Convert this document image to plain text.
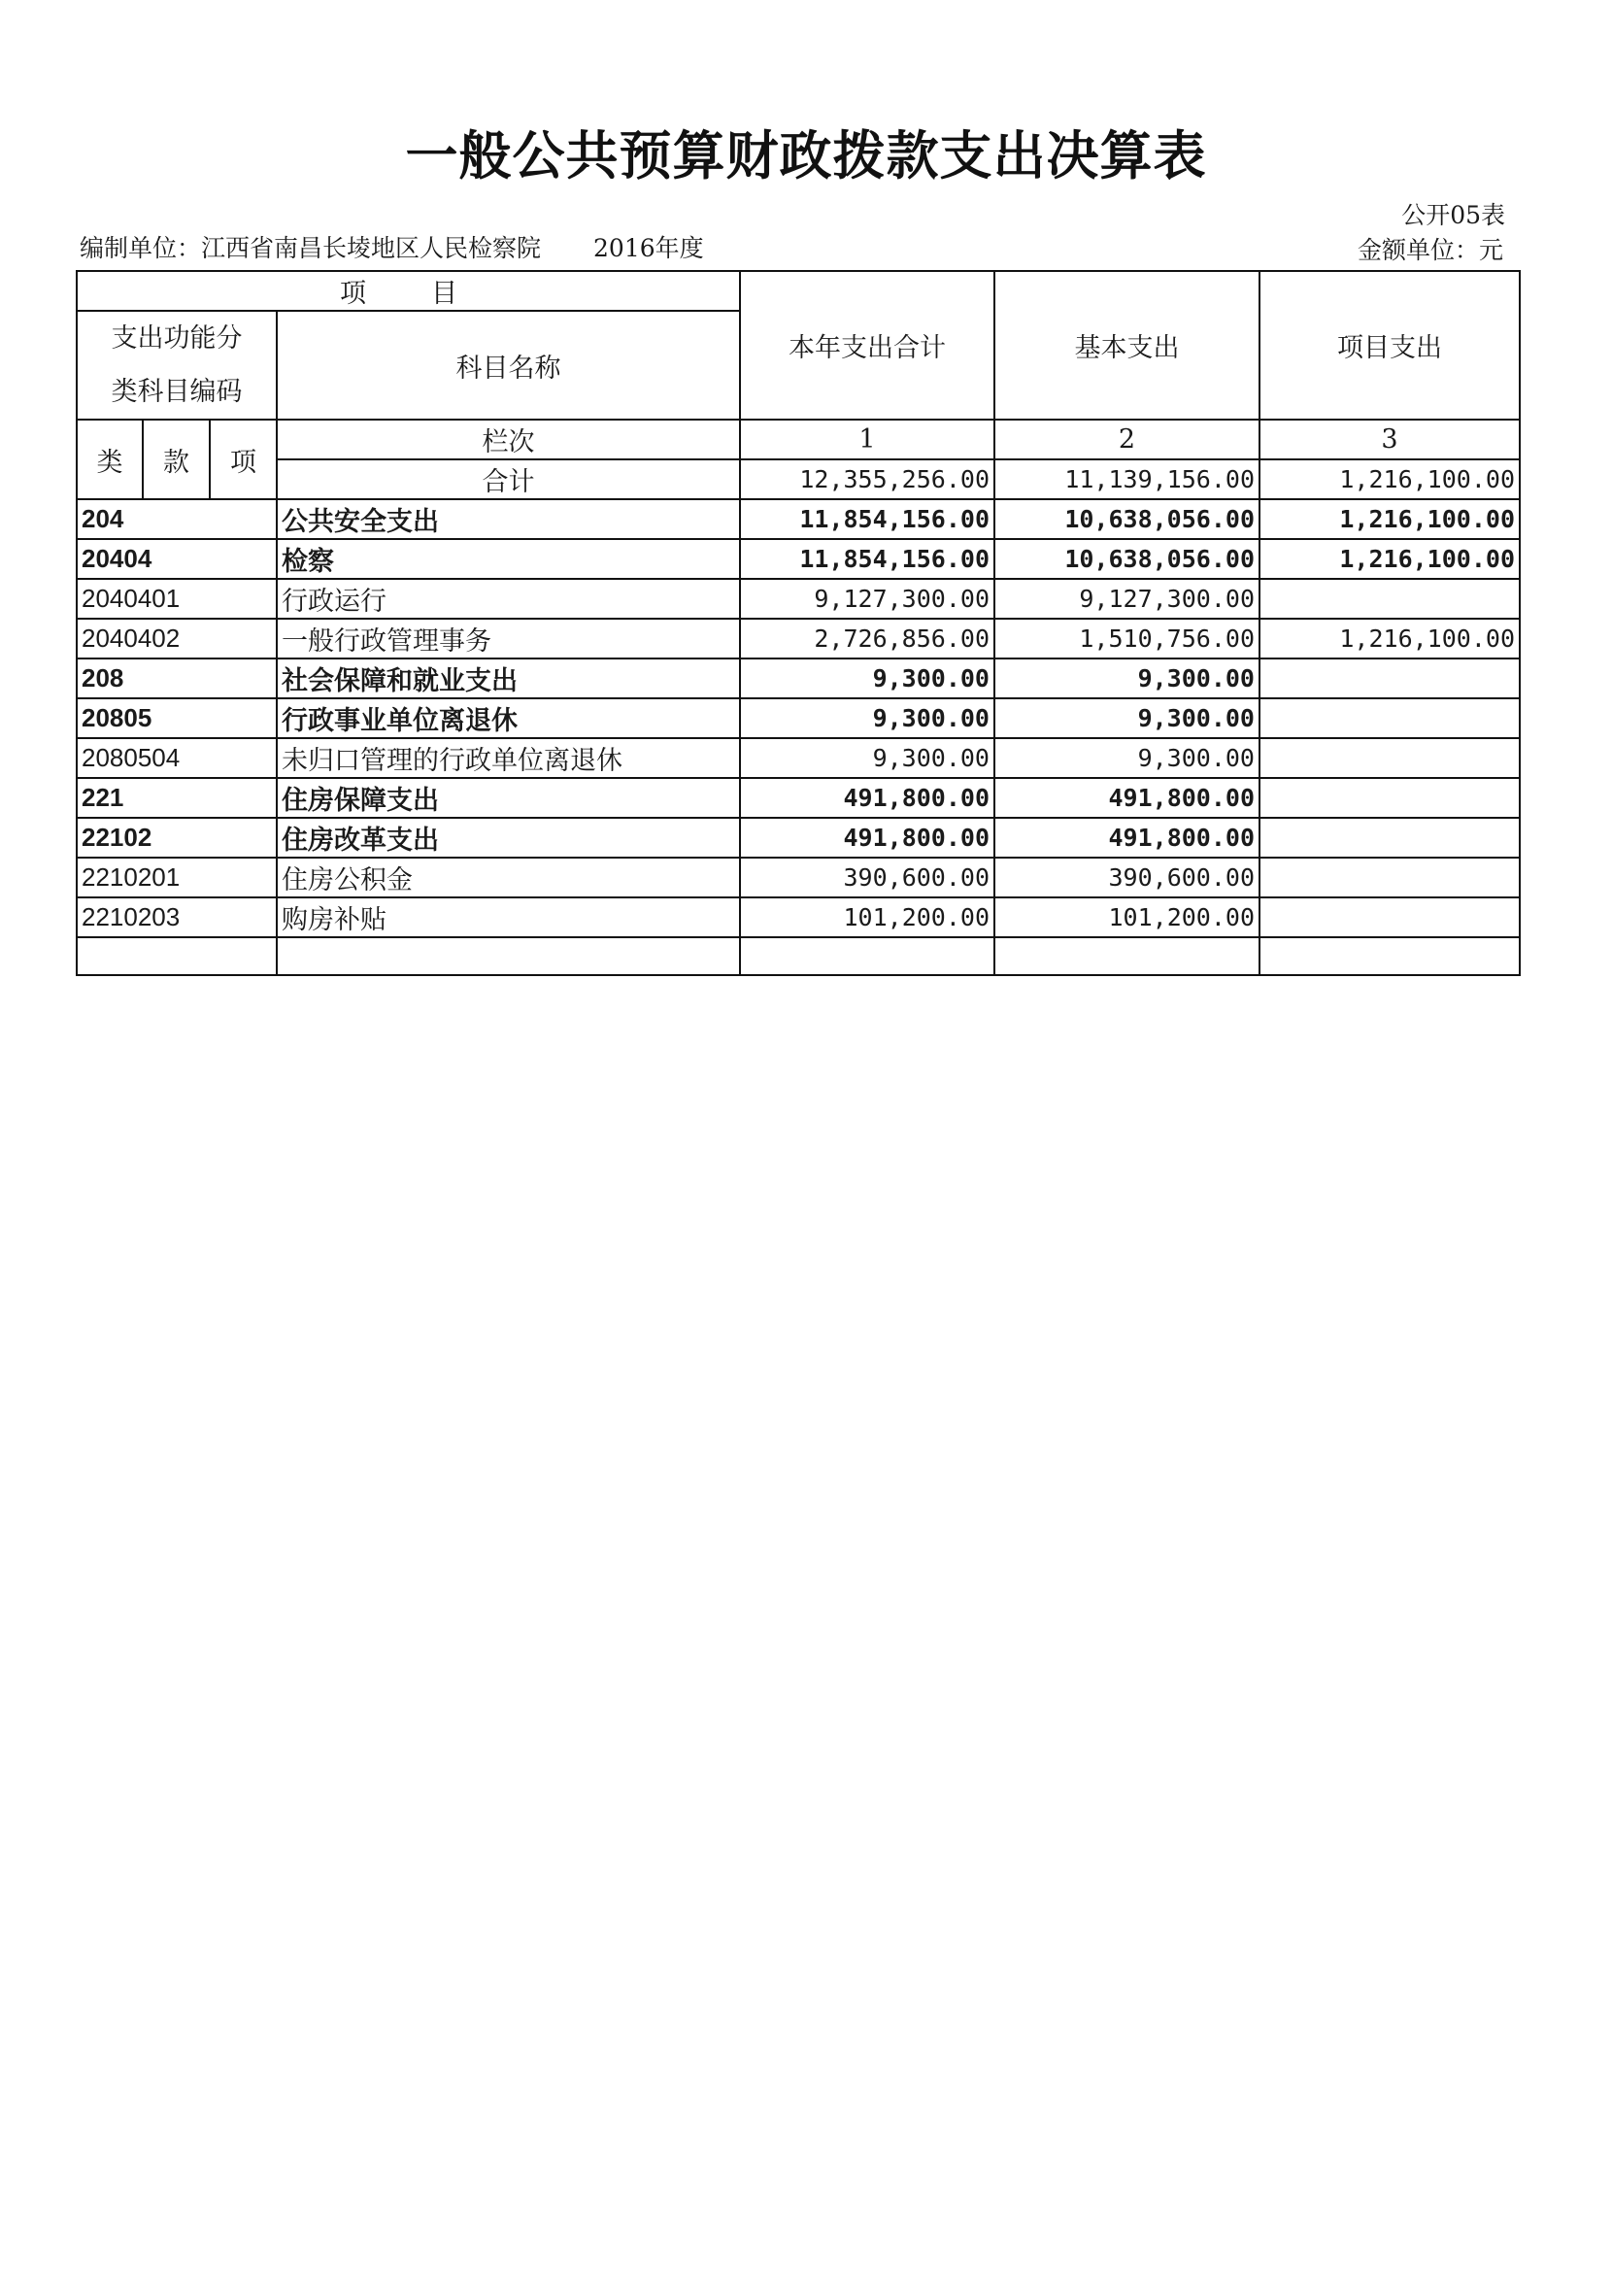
一般公共预算财政拨款支出决算表
公开05表
编制单位：江西省南昌长堎地区人民检察院 2016年度	金额单位：元
项　目				本年支出合计	基本支出	项目支出

支出功能分
类科目编码			科目名称			
类	款	项	栏次	1	2	3
			合计	12,355,256.00	11,139,156.00	1,216,100.00
204			公共安全支出	11,854,156.00	10,638,056.00	1,216,100.00
20404			检察	11,854,156.00	10,638,056.00	1,216,100.00
2040401			行政运行	9,127,300.00	9,127,300.00	
2040402			一般行政管理事务	2,726,856.00	1,510,756.00	1,216,100.00
208			社会保障和就业支出	9,300.00	9,300.00	
20805			行政事业单位离退休	9,300.00	9,300.00	
2080504			未归口管理的行政单位离退休	9,300.00	9,300.00	
221			住房保障支出	491,800.00	491,800.00	
22102			住房改革支出	491,800.00	491,800.00	
2210201			住房公积金	390,600.00	390,600.00	
2210203			购房补贴	101,200.00	101,200.00	
